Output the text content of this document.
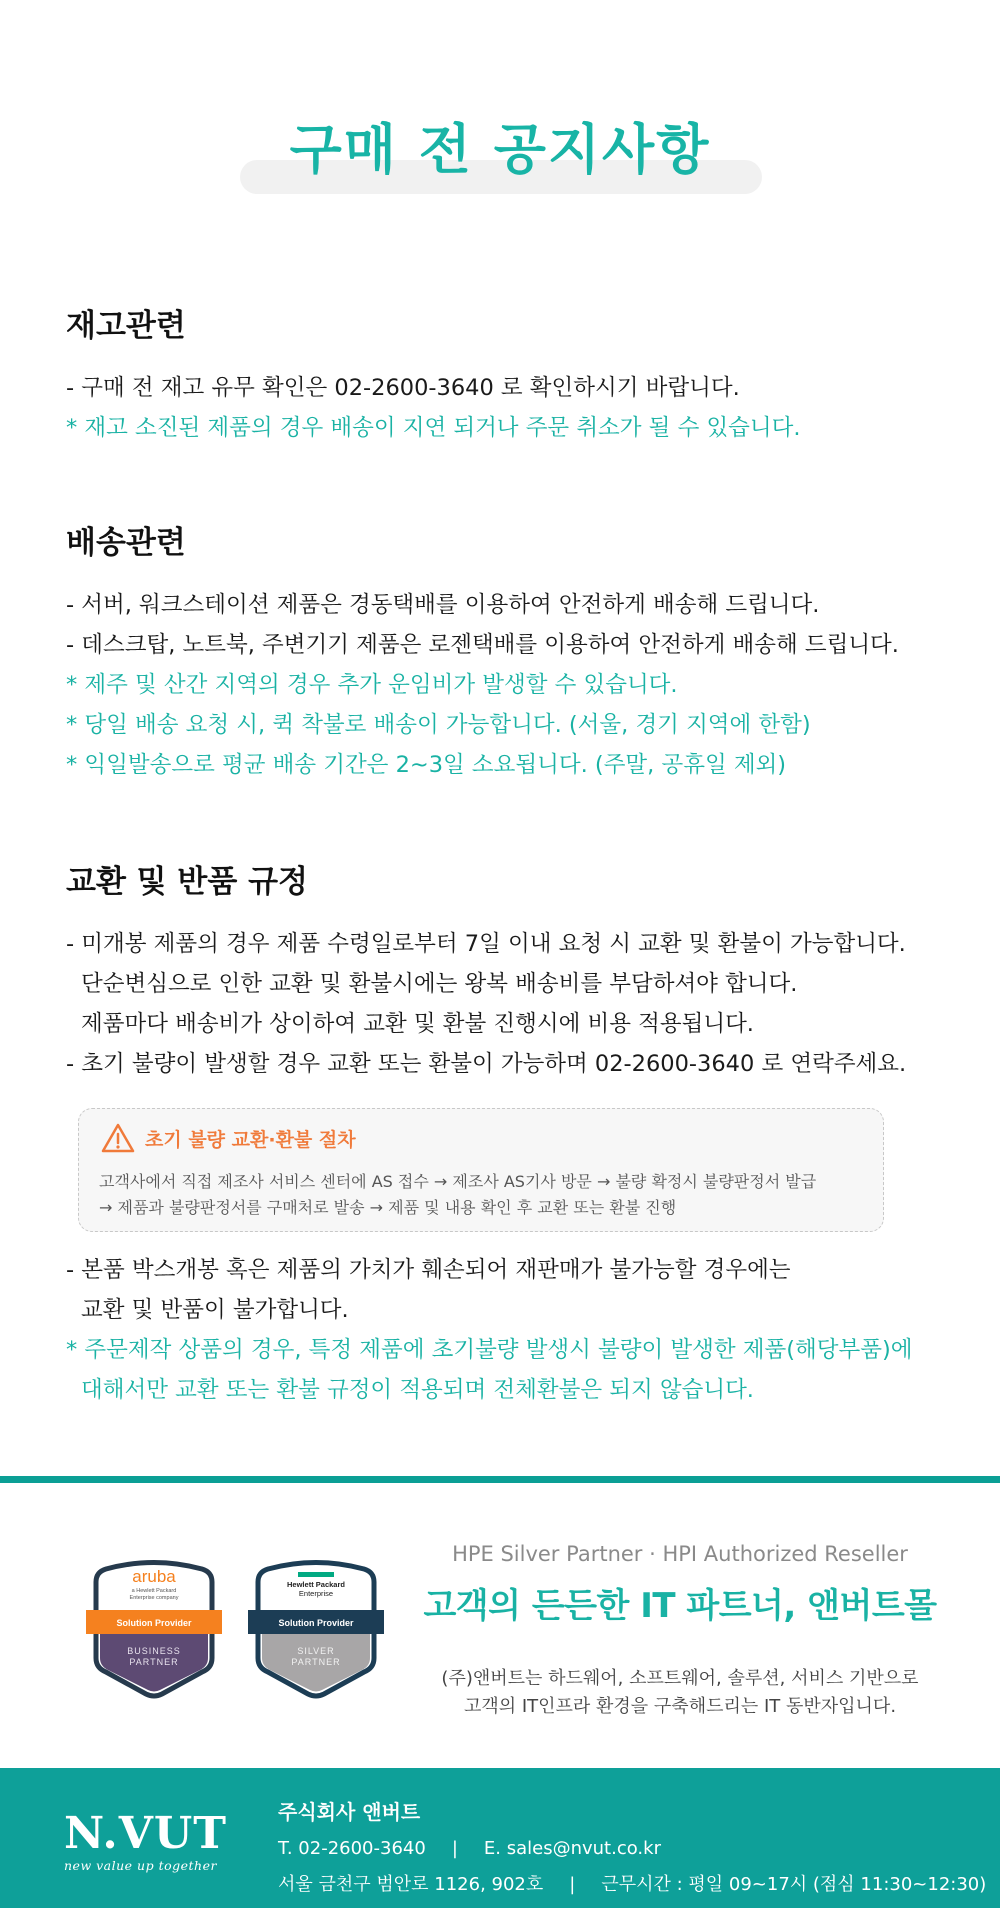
구매 전 공지사항
재고관련
- 구매 전 재고 유무 확인은 02-2600-3640 로 확인하시기 바랍니다.
* 재고 소진된 제품의 경우 배송이 지연 되거나 주문 취소가 될 수 있습니다.
배송관련
- 서버, 워크스테이션 제품은 경동택배를 이용하여 안전하게 배송해 드립니다.
- 데스크탑, 노트북, 주변기기 제품은 로젠택배를 이용하여 안전하게 배송해 드립니다.
* 제주 및 산간 지역의 경우 추가 운임비가 발생할 수 있습니다.
* 당일 배송 요청 시, 퀵 착불로 배송이 가능합니다. (서울, 경기 지역에 한함)
* 익일발송으로 평균 배송 기간은 2~3일 소요됩니다. (주말, 공휴일 제외)
교환 및 반품 규정
- 미개봉 제품의 경우 제품 수령일로부터 7일 이내 요청 시 교환 및 환불이 가능합니다.
단순변심으로 인한 교환 및 환불시에는 왕복 배송비를 부담하셔야 합니다.
제품마다 배송비가 상이하여 교환 및 환불 진행시에 비용 적용됩니다.
- 초기 불량이 발생할 경우 교환 또는 환불이 가능하며 02-2600-3640 로 연락주세요.
초기 불량 교환·환불 절차
고객사에서 직접 제조사 서비스 센터에 AS 접수 → 제조사 AS기사 방문 → 불량 확정시 불량판정서 발급
→ 제품과 불량판정서를 구매처로 발송 → 제품 및 내용 확인 후 교환 또는 환불 진행
- 본품 박스개봉 혹은 제품의 가치가 훼손되어 재판매가 불가능할 경우에는
교환 및 반품이 불가합니다.
* 주문제작 상품의 경우, 특정 제품에 초기불량 발생시 불량이 발생한 제품(해당부품)에
대해서만 교환 또는 환불 규정이 적용되며 전체환불은 되지 않습니다.
aruba
a Hewlett Packard
Enterprise company
Solution Provider
BUSINESS
PARTNER
Hewlett Packard
Enterprise
Solution Provider
SILVER
PARTNER
HPE Silver Partner · HPI Authorized Reseller
고객의 든든한 IT 파트너, 앤버트몰
(주)앤버트는 하드웨어, 소프트웨어, 솔루션, 서비스 기반으로
고객의 IT인프라 환경을 구축해드리는 IT 동반자입니다.
N.VUT
new value up together
주식회사 앤버트
T. 02-2600-3640 | E. sales@nvut.co.kr
서울 금천구 범안로 1126, 902호 | 근무시간 : 평일 09~17시 (점심 11:30~12:30)
